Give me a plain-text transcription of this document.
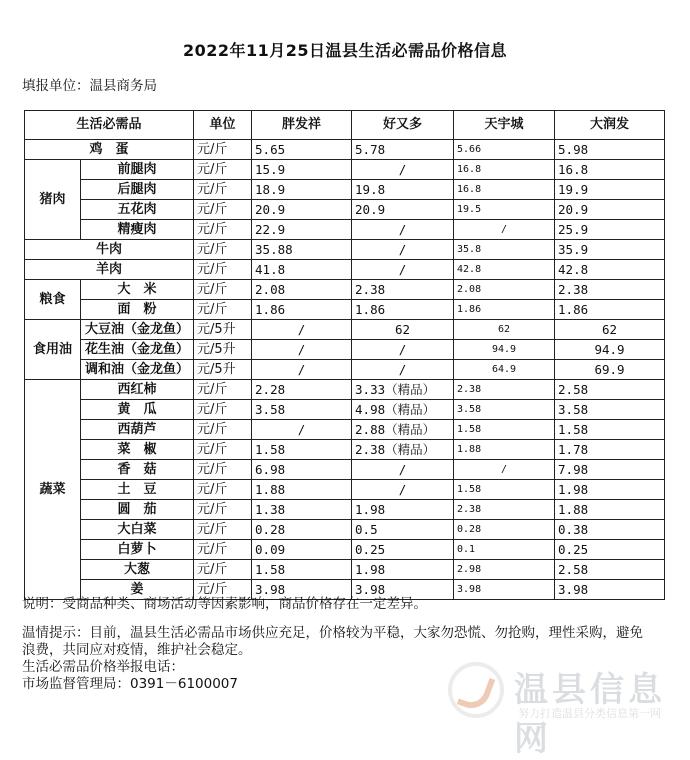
2022年11月25日温县生活必需品价格信息
填报单位：温县商务局
生活必需品		单位	胖发祥	好又多	天宇城	大润发
鸡　蛋		元/斤	5.65	5.78	5.66	5.98
猪肉	前腿肉	元/斤	15.9	/	16.8	16.8
	后腿肉	元/斤	18.9	19.8	16.8	19.9
	五花肉	元/斤	20.9	20.9	19.5	20.9
	精瘦肉	元/斤	22.9	/	/	25.9
牛肉		元/斤	35.88	/	35.8	35.9
羊肉		元/斤	41.8	/	42.8	42.8
粮食	大　米	元/斤	2.08	2.38	2.08	2.38
	面　粉	元/斤	1.86	1.86	1.86	1.86
食用油	大豆油（金龙鱼）	元/5升	/	62	62	62
	花生油（金龙鱼）	元/5升	/	/	94.9	94.9
	调和油（金龙鱼）	元/5升	/	/	64.9	69.9
蔬菜	西红柿	元/斤	2.28	3.33（精品）	2.38	2.58
	黄　瓜	元/斤	3.58	4.98（精品）	3.58	3.58
	西葫芦	元/斤	/	2.88（精品）	1.58	1.58
	菜　椒	元/斤	1.58	2.38（精品）	1.88	1.78
	香　菇	元/斤	6.98	/	/	7.98
	土　豆	元/斤	1.88	/	1.58	1.98
	圆　茄	元/斤	1.38	1.98	2.38	1.88
	大白菜	元/斤	0.28	0.5	0.28	0.38
	白萝卜	元/斤	0.09	0.25	0.1	0.25
	大葱	元/斤	1.58	1.98	2.98	2.58
	姜	元/斤	3.98	3.98	3.98	3.98
说明：受商品种类、商场活动等因素影响，商品价格存在一定差异。
温情提示：目前，温县生活必需品市场供应充足，价格较为平稳，大家勿恐慌、勿抢购，理性采购，避免
浪费，共同应对疫情，维护社会稳定。
生活必需品价格举报电话：
市场监督管理局：0391－6100007	温县信息网
努力打造温县分类信息第一网
